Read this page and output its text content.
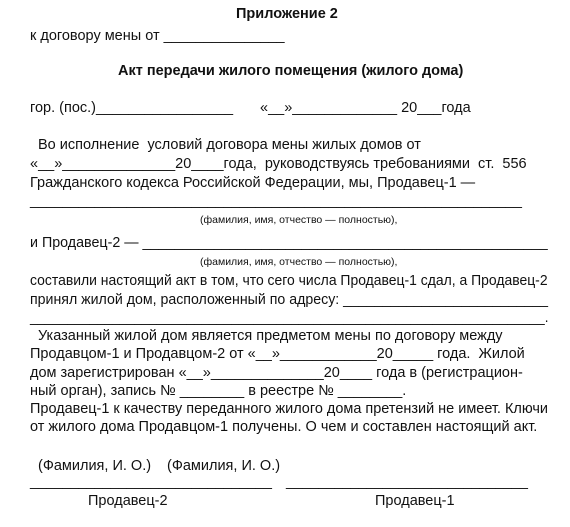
Приложение 2
к договору мены от _______________
Акт передачи жилого помещения (жилого дома)
гор. (пос.)_________________ «__»_____________ 20___года
Во исполнение  условий договора мены жилых домов от
«__»______________20____года,  руководствуясь требованиями  ст.  556
Гражданского кодекса Российской Федерации, мы, Продавец-1 —
_____________________________________________________________
(фамилия, имя, отчество — полностью),
и Продавец-2 — ___________________________________________________
(фамилия, имя, отчество — полностью),
составили настоящий акт в том, что сего числа Продавец-1 сдал, а Продавец-2
принял жилой дом, расположенный по адресу: __________________________
_____________________________________________________________________.
Указанный жилой дом является предметом мены по договору между
Продавцом-1 и Продавцом-2 от «__»____________20_____ года.  Жилой
дом зарегистрирован «__»______________20____ года в (регистрацион-
ный орган), запись № ________ в реестре № ________.
Продавец-1 к качеству переданного жилого дома претензий не имеет. Ключи
от жилого дома Продавцом-1 получены. О чем и составлен настоящий акт.
(Фамилия, И. О.) (Фамилия, И. О.)
______________________________ ______________________________
Продавец-2	Продавец-1
